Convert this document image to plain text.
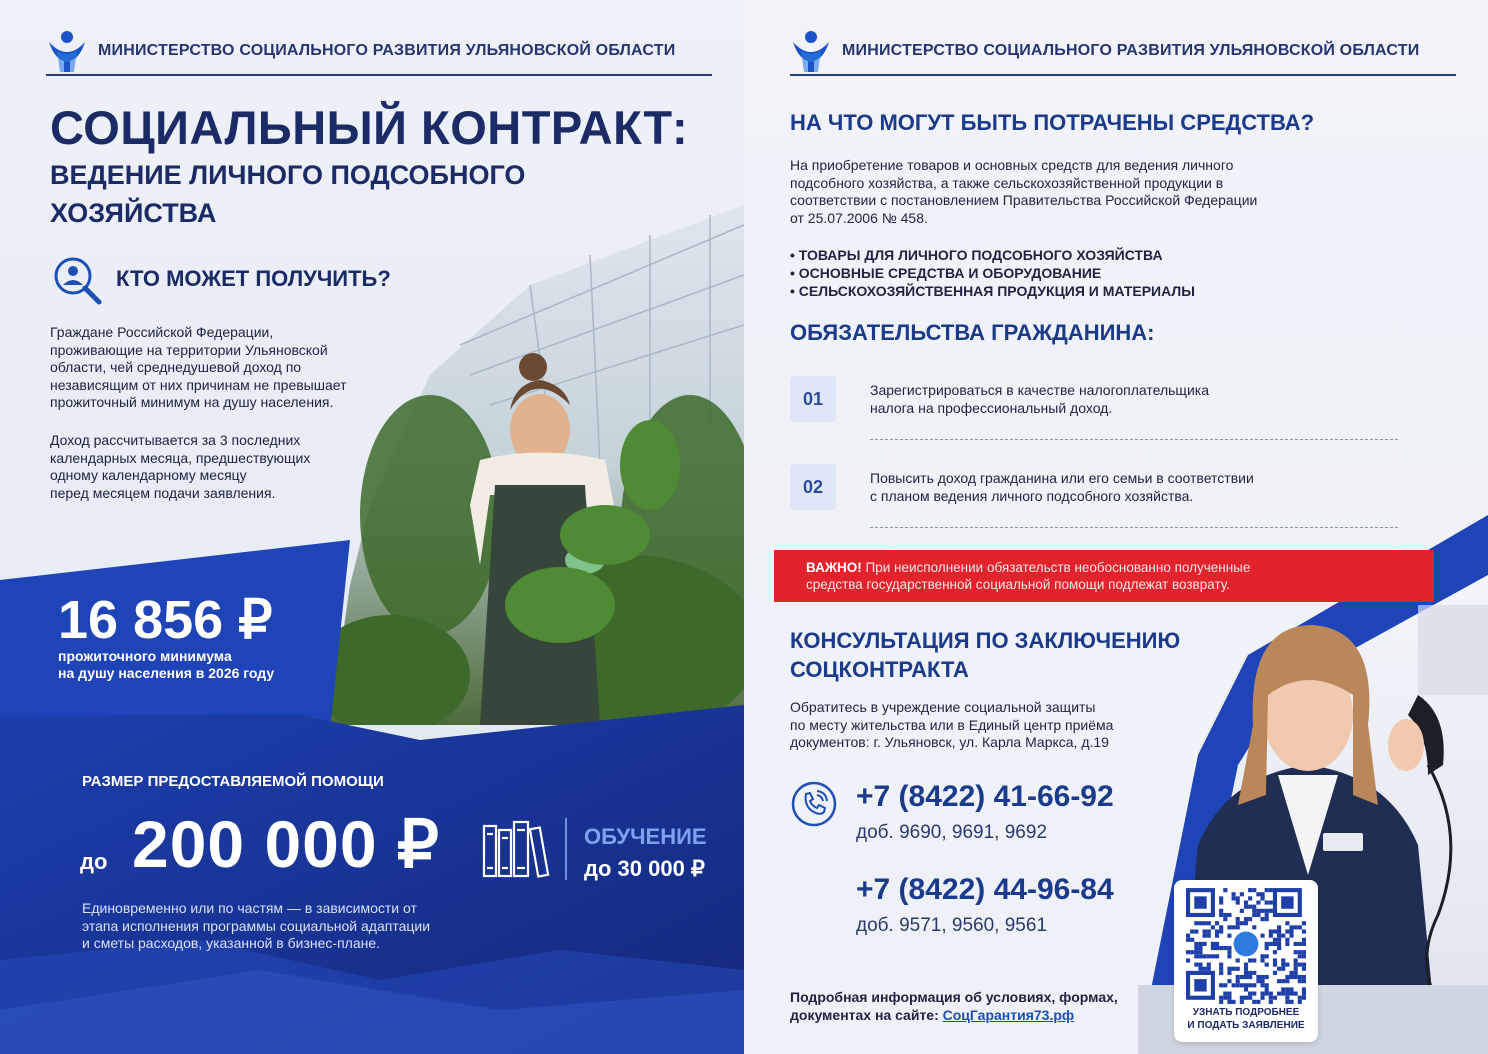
МИНИСТЕРСТВО СОЦИАЛЬНОГО РАЗВИТИЯ УЛЬЯНОВСКОЙ ОБЛАСТИ
СОЦИАЛЬНЫЙ КОНТРАКТ:
ВЕДЕНИЕ ЛИЧНОГО ПОДСОБНОГО
ХОЗЯЙСТВА
КТО МОЖЕТ ПОЛУЧИТЬ?
Граждане Российской Федерации,
проживающие на территории Ульяновской
области, чей среднедушевой доход по
независящим от них причинам не превышает
прожиточный минимум на душу населения.
Доход рассчитывается за 3 последних
календарных месяца, предшествующих
одному календарному месяцу
перед месяцем подачи заявления.
16 856 ₽
прожиточного минимума
на душу населения в 2026 году
РАЗМЕР ПРЕДОСТАВЛЯЕМОЙ ПОМОЩИ
до 200 000 ₽	ОБУЧЕНИЕ
до 30 000 ₽
Единовременно или по частям — в зависимости от
этапа исполнения программы социальной адаптации
и сметы расходов, указанной в бизнес-плане.
МИНИСТЕРСТВО СОЦИАЛЬНОГО РАЗВИТИЯ УЛЬЯНОВСКОЙ ОБЛАСТИ
НА ЧТО МОГУТ БЫТЬ ПОТРАЧЕНЫ СРЕДСТВА?
На приобретение товаров и основных средств для ведения личного
подсобного хозяйства, а также сельскохозяйственной продукции в
соответствии с постановлением Правительства Российской Федерации
от 25.07.2006 № 458.
• ТОВАРЫ ДЛЯ ЛИЧНОГО ПОДСОБНОГО ХОЗЯЙСТВА
• ОСНОВНЫЕ СРЕДСТВА И ОБОРУДОВАНИЕ
• СЕЛЬСКОХОЗЯЙСТВЕННАЯ ПРОДУКЦИЯ И МАТЕРИАЛЫ
ОБЯЗАТЕЛЬСТВА ГРАЖДАНИНА:
01	Зарегистрироваться в качестве налогоплательщика
налога на профессиональный доход.
02	Повысить доход гражданина или его семьи в соответствии
с планом ведения личного подсобного хозяйства.
ВАЖНО! При неисполнении обязательств необоснованно полученные
средства государственной социальной помощи подлежат возврату.
КОНСУЛЬТАЦИЯ ПО ЗАКЛЮЧЕНИЮ
СОЦКОНТРАКТА
Обратитесь в учреждение социальной защиты
по месту жительства или в Единый центр приёма
документов: г. Ульяновск, ул. Карла Маркса, д.19
+7 (8422) 41-66-92
доб. 9690, 9691, 9692
+7 (8422) 44-96-84
доб. 9571, 9560, 9561
Подробная информация об условиях, формах,
документах на сайте: СоцГарантия73.рф	УЗНАТЬ ПОДРОБНЕЕ
И ПОДАТЬ ЗАЯВЛЕНИЕ
